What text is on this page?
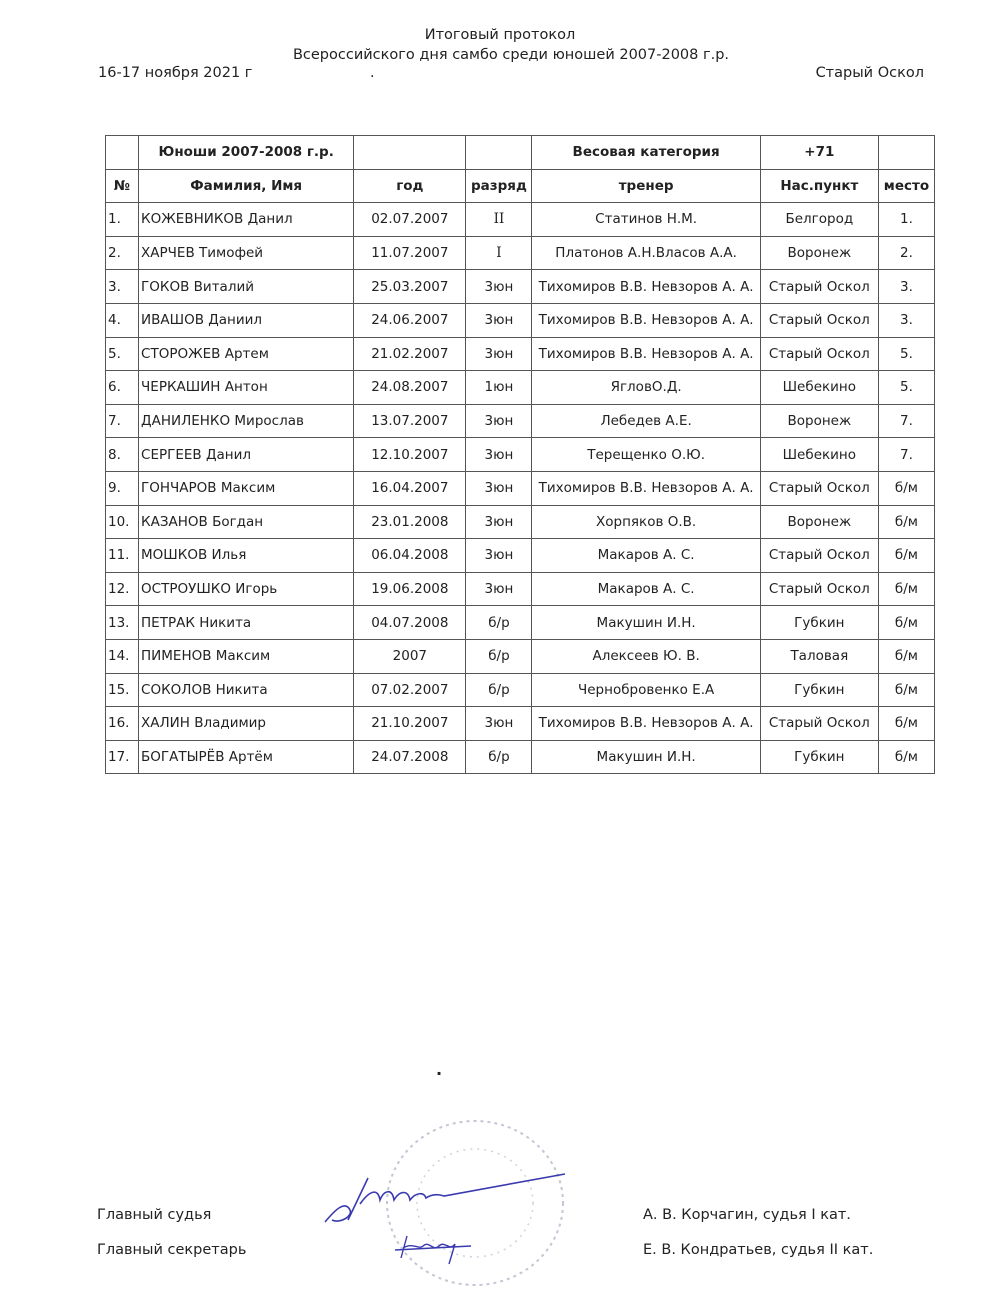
Итоговый протокол
Всероссийского дня самбо среди юношей 2007-2008 г.р.
16-17 ноября 2021 г	.	Старый Оскол
	Юноши 2007-2008 г.р.			Весовая категория	+71	
№	Фамилия, Имя	год	разряд	тренер	Нас.пункт	место
1.	КОЖЕВНИКОВ Данил	02.07.2007	II	Статинов Н.М.	Белгород	1.
2.	ХАРЧЕВ Тимофей	11.07.2007	I	Платонов А.Н.Власов А.А.	Воронеж	2.
3.	ГОКОВ Виталий	25.03.2007	3юн	Тихомиров В.В. Невзоров А. А.	Старый Оскол	3.
4.	ИВАШОВ Даниил	24.06.2007	3юн	Тихомиров В.В. Невзоров А. А.	Старый Оскол	3.
5.	СТОРОЖЕВ Артем	21.02.2007	3юн	Тихомиров В.В. Невзоров А. А.	Старый Оскол	5.
6.	ЧЕРКАШИН Антон	24.08.2007	1юн	ЯгловО.Д.	Шебекино	5.
7.	ДАНИЛЕНКО Мирослав	13.07.2007	3юн	Лебедев А.Е.	Воронеж	7.
8.	СЕРГЕЕВ Данил	12.10.2007	3юн	Терещенко О.Ю.	Шебекино	7.
9.	ГОНЧАРОВ Максим	16.04.2007	3юн	Тихомиров В.В. Невзоров А. А.	Старый Оскол	б/м
10.	КАЗАНОВ Богдан	23.01.2008	3юн	Хорпяков О.В.	Воронеж	б/м
11.	МОШКОВ Илья	06.04.2008	3юн	Макаров А. С.	Старый Оскол	б/м
12.	ОСТРОУШКО Игорь	19.06.2008	3юн	Макаров А. С.	Старый Оскол	б/м
13.	ПЕТРАК Никита	04.07.2008	б/р	Макушин И.Н.	Губкин	б/м
14.	ПИМЕНОВ Максим	2007	б/р	Алексеев Ю. В.	Таловая	б/м
15.	СОКОЛОВ Никита	07.02.2007	б/р	Чернобровенко Е.А	Губкин	б/м
16.	ХАЛИН Владимир	21.10.2007	3юн	Тихомиров В.В. Невзоров А. А.	Старый Оскол	б/м
17.	БОГАТЫРЁВ Артём	24.07.2008	б/р	Макушин И.Н.	Губкин	б/м
.
Главный судья	А. В. Корчагин, судья I кат.
Главный секретарь	Е. В. Кондратьев, судья II кат.
